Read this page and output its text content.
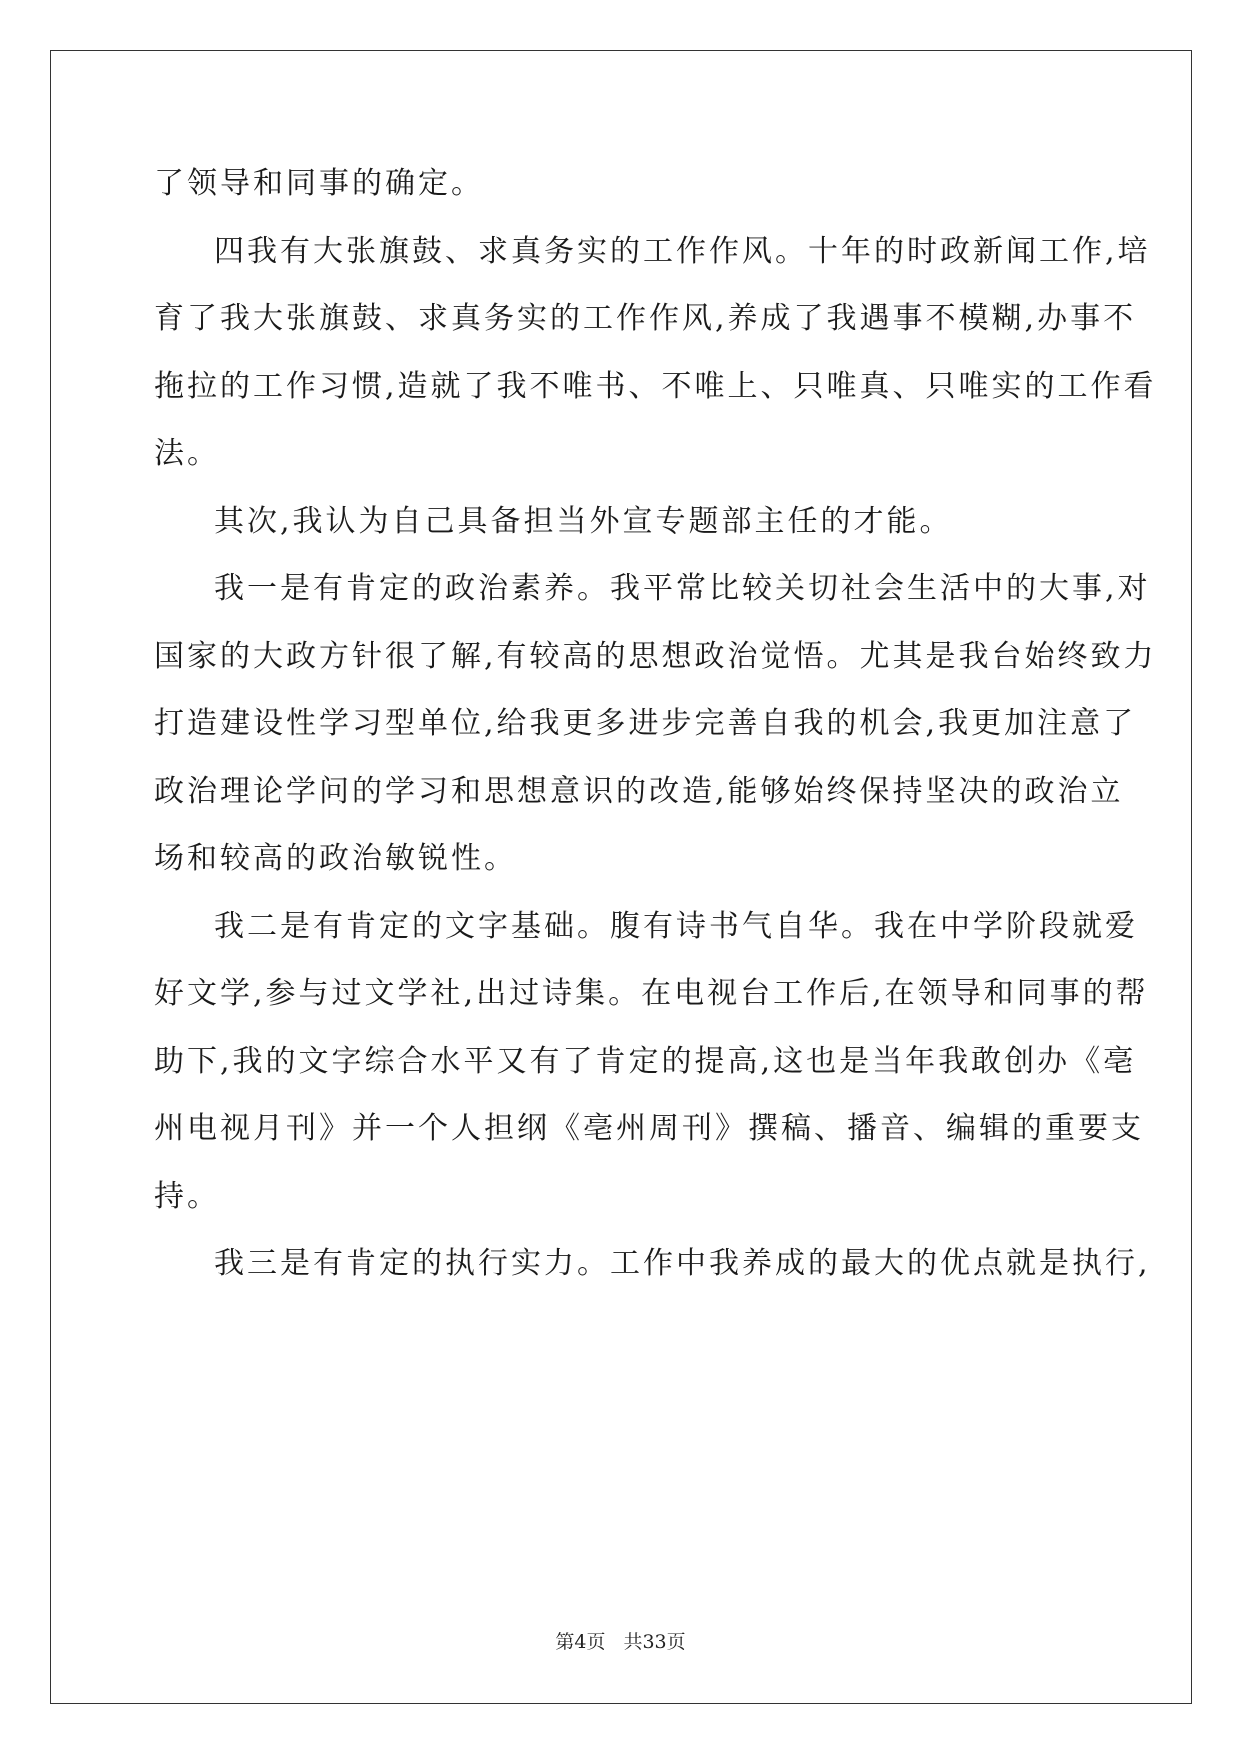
了领导和同事的确定。
四我有大张旗鼓、求真务实的工作作风。十年的时政新闻工作,培
育了我大张旗鼓、求真务实的工作作风,养成了我遇事不模糊,办事不
拖拉的工作习惯,造就了我不唯书、不唯上、只唯真、只唯实的工作看
法。
其次,我认为自己具备担当外宣专题部主任的才能。
我一是有肯定的政治素养。我平常比较关切社会生活中的大事,对
国家的大政方针很了解,有较高的思想政治觉悟。尤其是我台始终致力
打造建设性学习型单位,给我更多进步完善自我的机会,我更加注意了
政治理论学问的学习和思想意识的改造,能够始终保持坚决的政治立
场和较高的政治敏锐性。
我二是有肯定的文字基础。腹有诗书气自华。我在中学阶段就爱
好文学,参与过文学社,出过诗集。在电视台工作后,在领导和同事的帮
助下,我的文字综合水平又有了肯定的提高,这也是当年我敢创办《亳
州电视月刊》并一个人担纲《亳州周刊》撰稿、播音、编辑的重要支
持。
我三是有肯定的执行实力。工作中我养成的最大的优点就是执行,
第4页 共33页
